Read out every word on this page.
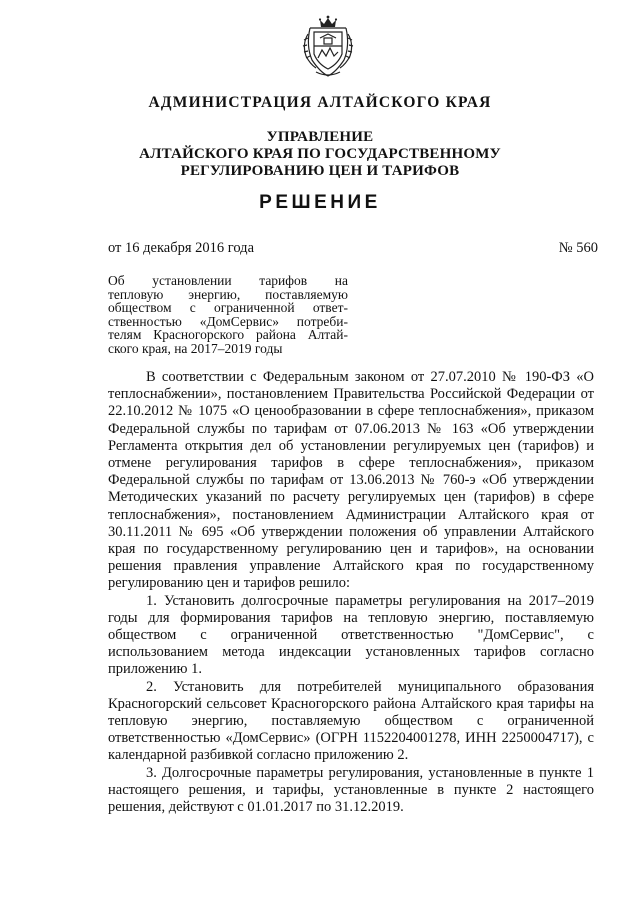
АДМИНИСТРАЦИЯ АЛТАЙСКОГО КРАЯ
УПРАВЛЕНИЕ
АЛТАЙСКОГО КРАЯ ПО ГОСУДАРСТВЕННОМУ
РЕГУЛИРОВАНИЮ ЦЕН И ТАРИФОВ
РЕШЕНИЕ
от 16 декабря 2016 года	№ 560
Об установлении тарифов на
тепловую энергию, поставляемую
обществом с ограниченной ответ-
ственностью «ДомСервис» потреби-
телям Красногорского района Алтай-
ского края, на 2017–2019 годы

В соответствии с Федеральным законом от 27.07.2010 № 190-ФЗ «О теплоснабжении», постановлением Правительства Российской Федерации от 22.10.2012 № 1075 «О ценообразовании в сфере теплоснабжения», приказом Федеральной службы по тарифам от 07.06.2013 № 163 «Об утверждении Регламента открытия дел об установлении регулируемых цен (тарифов) и отмене регулирования тарифов в сфере теплоснабжения», приказом Федеральной службы по тарифам от 13.06.2013 № 760-э «Об утверждении Методических указаний по расчету регулируемых цен (тарифов) в сфере теплоснабжения», постановлением Администрации Алтайского края от 30.11.2011 № 695 «Об утверждении положения об управлении Алтайского края по государственному регулированию цен и тарифов», на основании решения правления управление Алтайского края по государственному регулированию цен и тарифов решило:

1. Установить долгосрочные параметры регулирования на 2017–2019 годы для формирования тарифов на тепловую энергию, поставляемую обществом с ограниченной ответственностью "ДомСервис", с использованием метода индексации установленных тарифов согласно приложению 1.

2. Установить для потребителей муниципального образования Красногорский сельсовет Красногорского района Алтайского края тарифы на тепловую энергию, поставляемую обществом с ограниченной ответственностью «ДомСервис» (ОГРН 1152204001278, ИНН 2250004717), с календарной разбивкой согласно приложению 2.

3. Долгосрочные параметры регулирования, установленные в пункте 1 настоящего решения, и тарифы, установленные в пункте 2 настоящего решения, действуют с 01.01.2017 по 31.12.2019.
